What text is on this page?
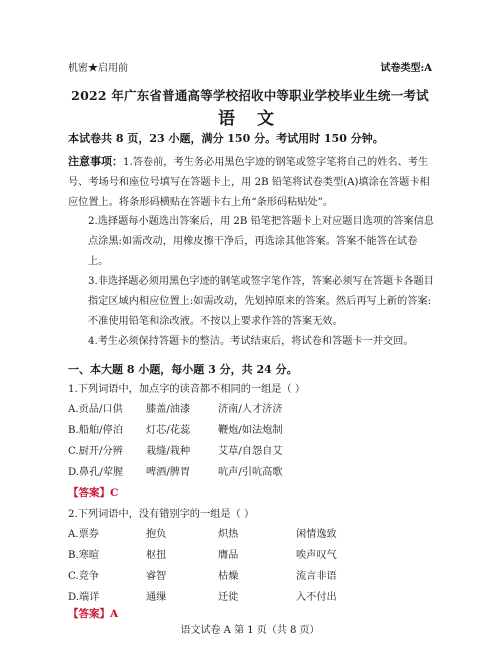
机密★启用前	试卷类型:A
2022 年广东省普通高等学校招收中等职业学校毕业生统一考试
语 文
本试卷共 8 页，23 小题，满分 150 分。考试用时 150 分钟。
注意事项：1.答卷前，考生务必用黑色字迹的钢笔或签字笔将自己的姓名、考生号、考场号和座位号填写在答题卡上，用 2B 铅笔将试卷类型(A)填涂在答题卡相应位置上。将条形码横贴在答题卡右上角“条形码粘贴处”。
2.选择题每小题选出答案后，用 2B 铅笔把答题卡上对应题目选项的答案信息点涂黑:如需改动，用橡皮擦干净后，再选涂其他答案。答案不能答在试卷上。
3.非选择题必须用黑色字迹的钢笔或签字笔作答，答案必须写在答题卡各题目指定区域内相应位置上:如需改动，先划掉原来的答案。然后再写上新的答案:不准使用铅笔和涂改液。不按以上要求作答的答案无效。
4.考生必须保持答题卡的整洁。考试结束后，将试卷和答题卡一并交回。
一、本大题 8 小题，每小题 3 分，共 24 分。
1.下列词语中，加点字的读音都不相同的一组是（ ）
A.贡品/口供 膝盖/油漆	济南/人才济济
B.船舶/停泊 灯芯/花蕊	鞭炮/如法炮制
C.厨开/分辨 栽缝/栽种	艾草/自怨自艾
D.鼻孔/荤腥 啤酒/脾胃	吭声/引吭高歌
【答案】C
2.下列词语中，没有错别字的一组是（ ）
A.票券	抱负	炽热	闲情逸致
B.寒暄	枢扭	膺品	唉声叹气
C.竞争	睿智	枯燥	流言非语
D.端详	通缫	迁徙	入不付出
【答案】A
语文试卷 A 第 1 页（共 8 页）
